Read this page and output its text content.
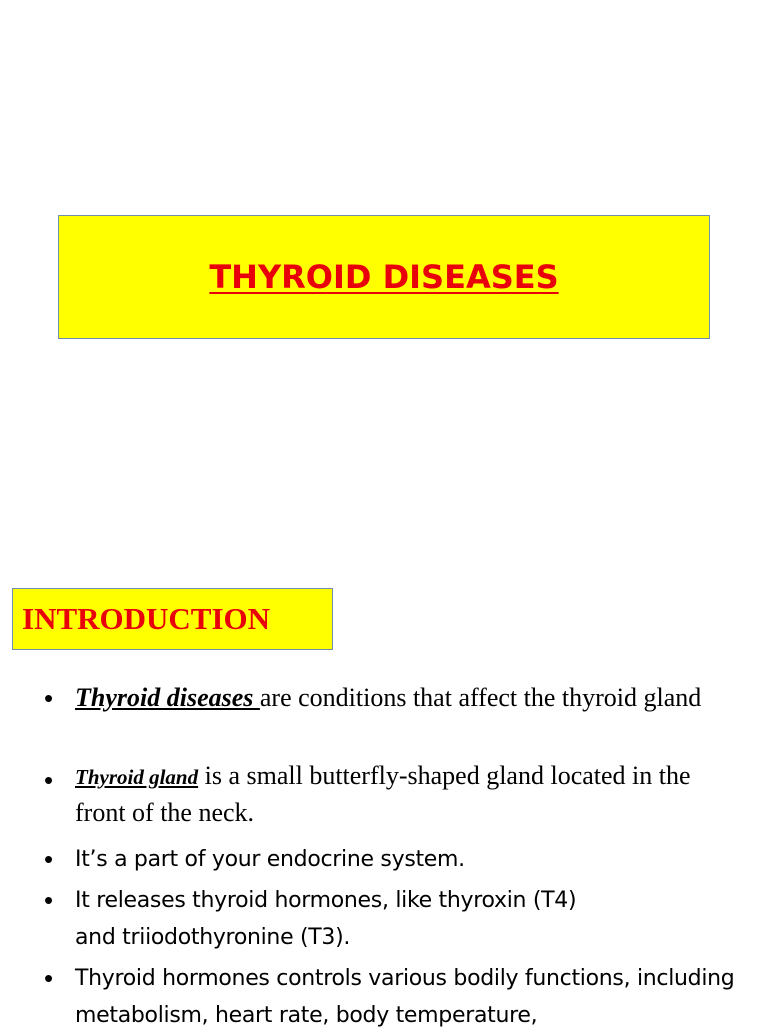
THYROID DISEASES
INTRODUCTION
• Thyroid diseases are conditions that affect the thyroid gland
• Thyroid gland is a small butterfly-shaped gland located in the front of the neck.
• It’s a part of your endocrine system.
• It releases thyroid hormones, like thyroxin (T4) and triiodothyronine (T3).
• Thyroid hormones controls various bodily functions, including metabolism, heart rate, body temperature,
